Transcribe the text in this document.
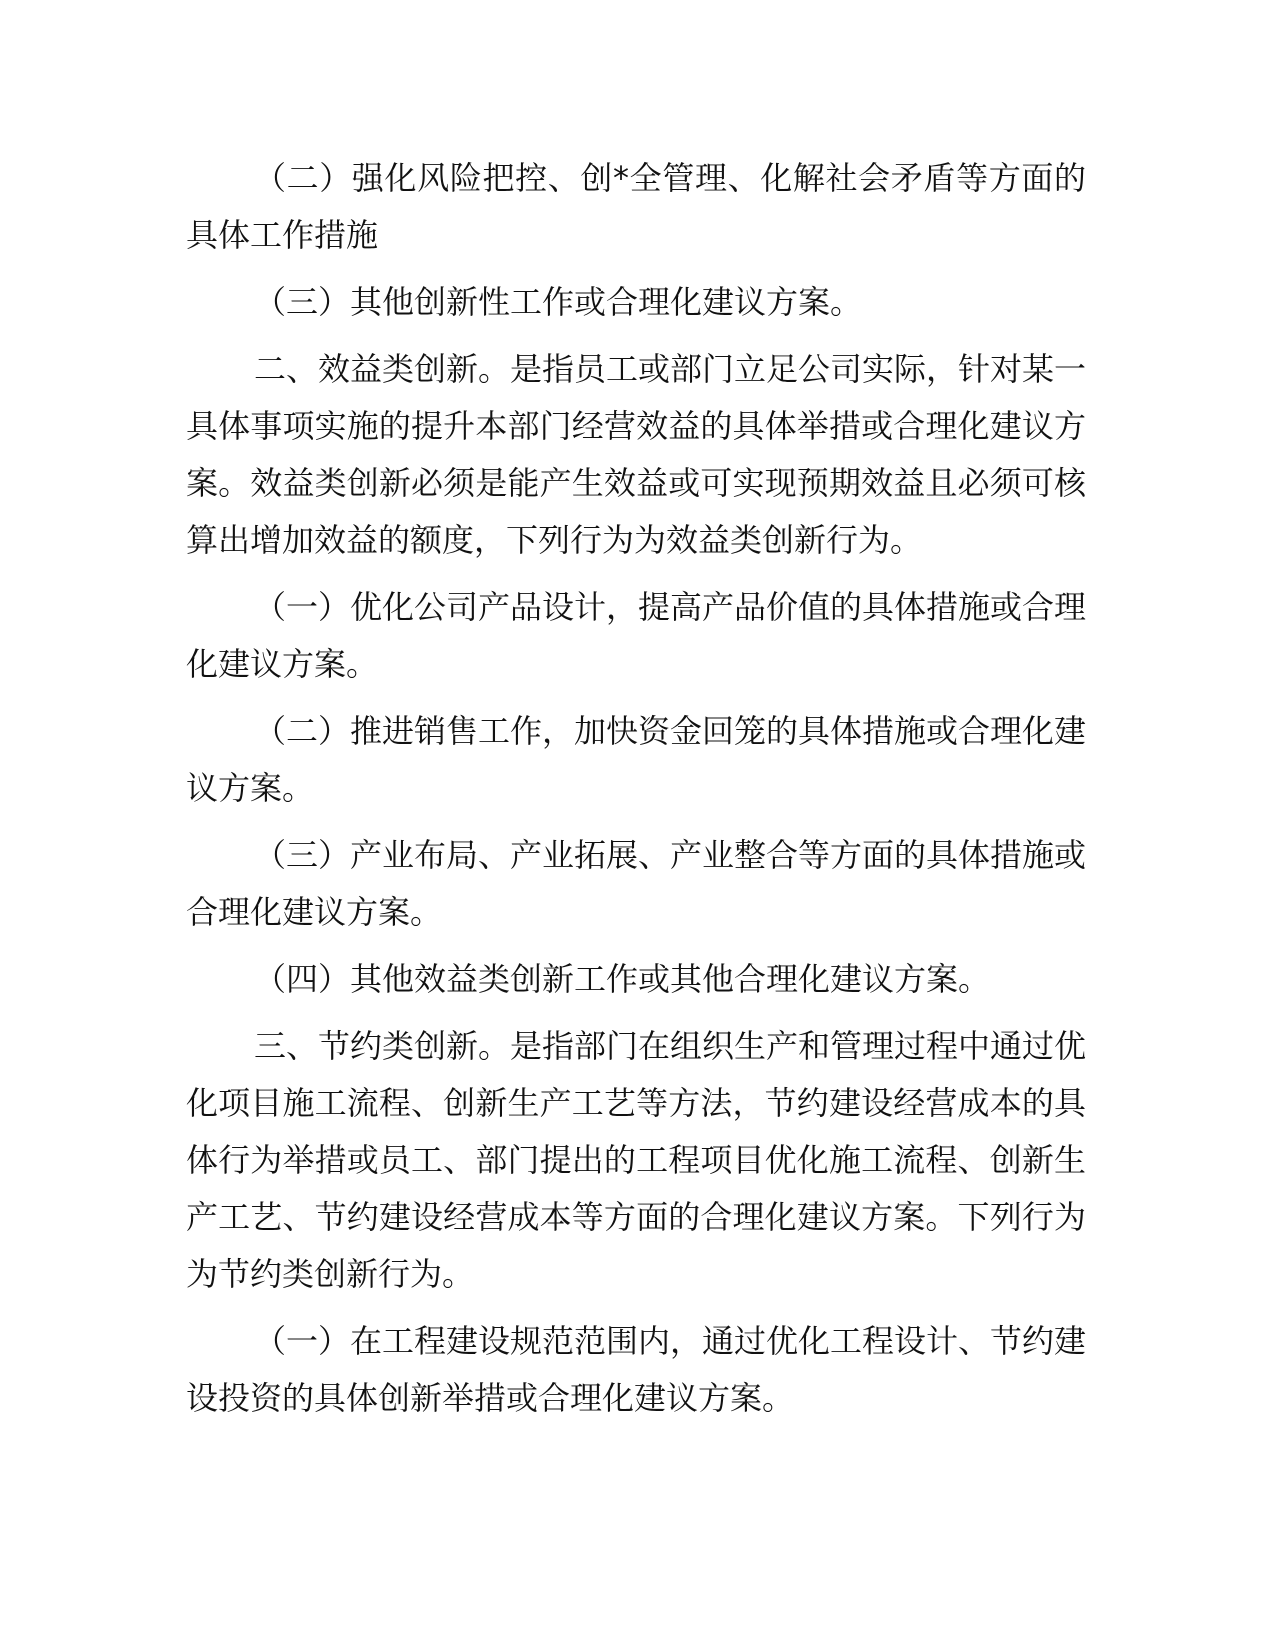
（二）强化风险把控、创*全管理、化解社会矛盾等方面的具体工作措施

（三）其他创新性工作或合理化建议方案。

二、效益类创新。是指员工或部门立足公司实际，针对某一具体事项实施的提升本部门经营效益的具体举措或合理化建议方案。效益类创新必须是能产生效益或可实现预期效益且必须可核算出增加效益的额度，下列行为为效益类创新行为。

（一）优化公司产品设计，提高产品价值的具体措施或合理化建议方案。

（二）推进销售工作，加快资金回笼的具体措施或合理化建议方案。

（三）产业布局、产业拓展、产业整合等方面的具体措施或合理化建议方案。

（四）其他效益类创新工作或其他合理化建议方案。

三、节约类创新。是指部门在组织生产和管理过程中通过优化项目施工流程、创新生产工艺等方法，节约建设经营成本的具体行为举措或员工、部门提出的工程项目优化施工流程、创新生产工艺、节约建设经营成本等方面的合理化建议方案。下列行为为节约类创新行为。

（一）在工程建设规范范围内，通过优化工程设计、节约建设投资的具体创新举措或合理化建议方案。
